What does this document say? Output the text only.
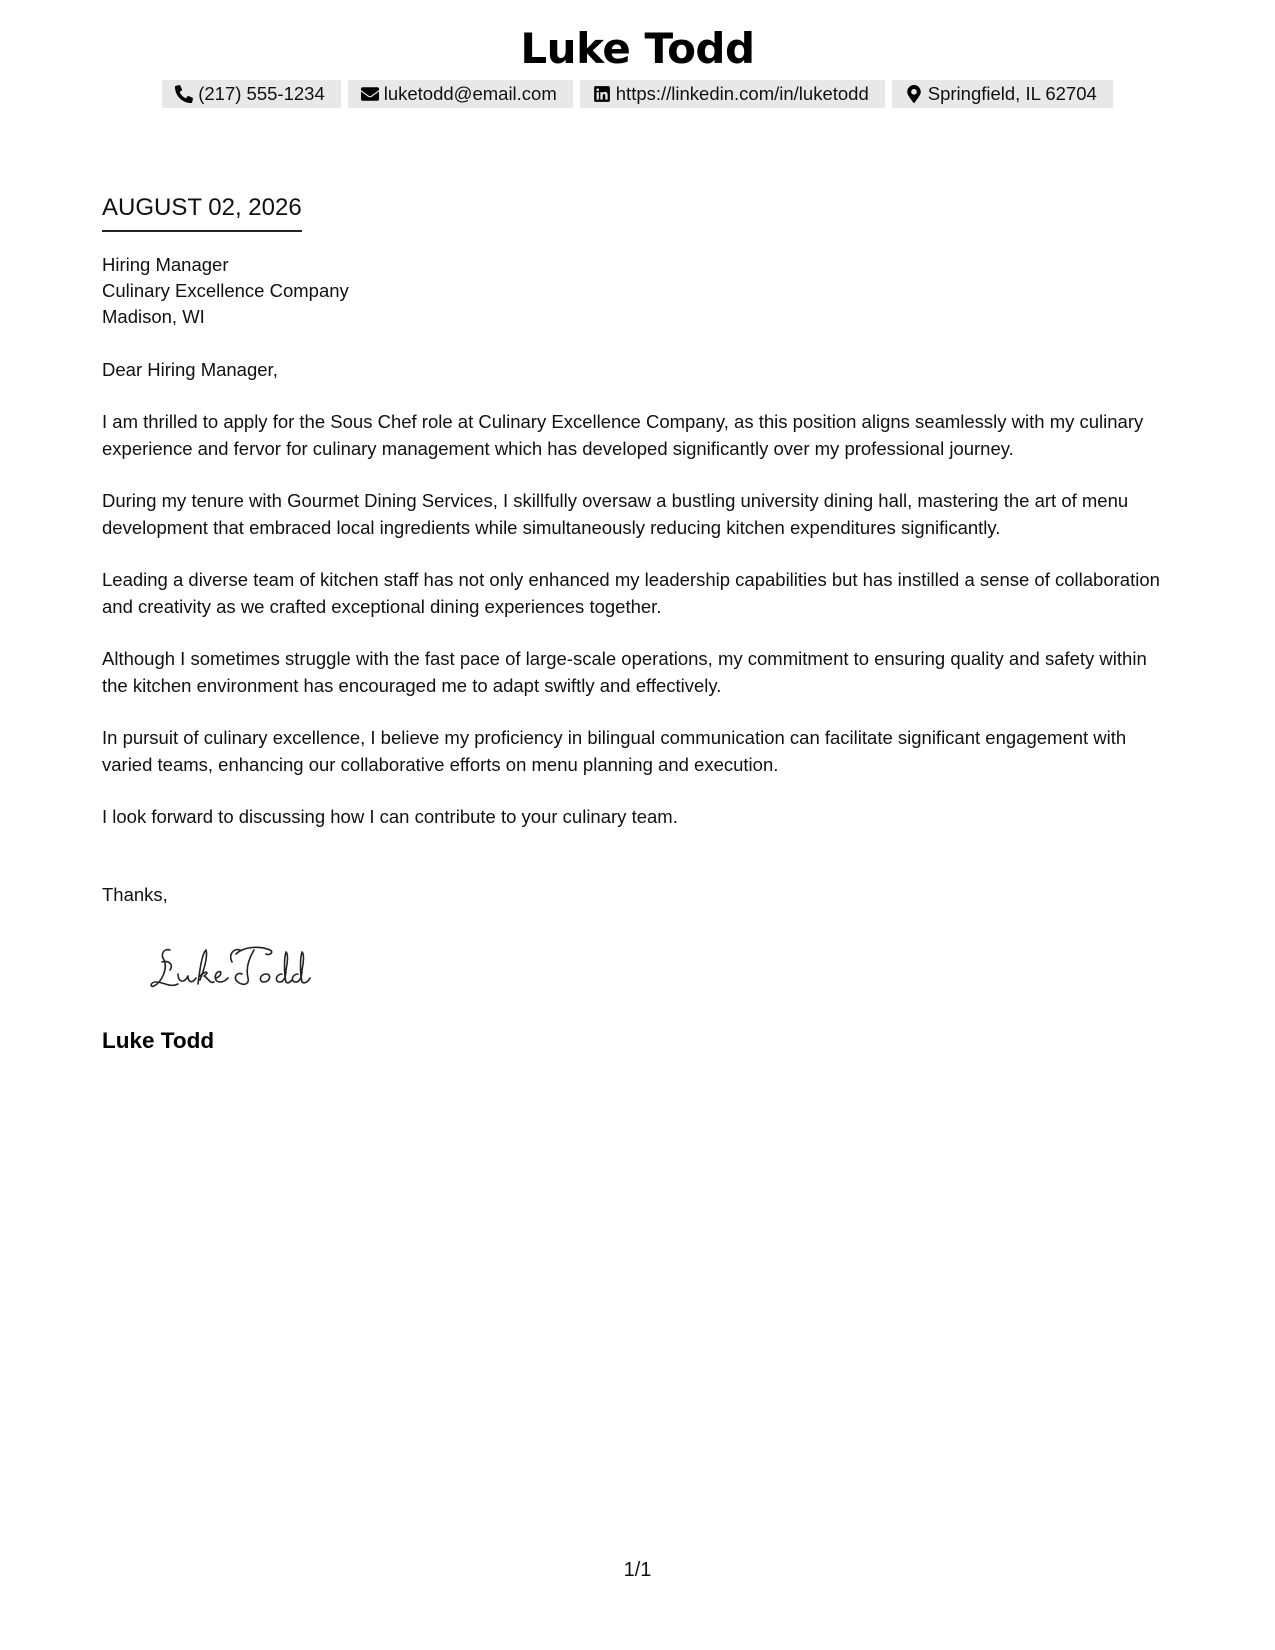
Luke Todd
(217) 555-1234	luketodd@email.com	https://linkedin.com/in/luketodd	Springfield, IL 62704
AUGUST 02, 2026
Hiring Manager
Culinary Excellence Company
Madison, WI

Dear Hiring Manager,

I am thrilled to apply for the Sous Chef role at Culinary Excellence Company, as this position aligns seamlessly with my culinary experience and fervor for culinary management which has developed significantly over my professional journey.

During my tenure with Gourmet Dining Services, I skillfully oversaw a bustling university dining hall, mastering the art of menu development that embraced local ingredients while simultaneously reducing kitchen expenditures significantly.

Leading a diverse team of kitchen staff has not only enhanced my leadership capabilities but has instilled a sense of collaboration and creativity as we crafted exceptional dining experiences together.

Although I sometimes struggle with the fast pace of large-scale operations, my commitment to ensuring quality and safety within the kitchen environment has encouraged me to adapt swiftly and effectively.

In pursuit of culinary excellence, I believe my proficiency in bilingual communication can facilitate significant engagement with varied teams, enhancing our collaborative efforts on menu planning and execution.

I look forward to discussing how I can contribute to your culinary team.

Thanks,

Luke Todd
1/1
